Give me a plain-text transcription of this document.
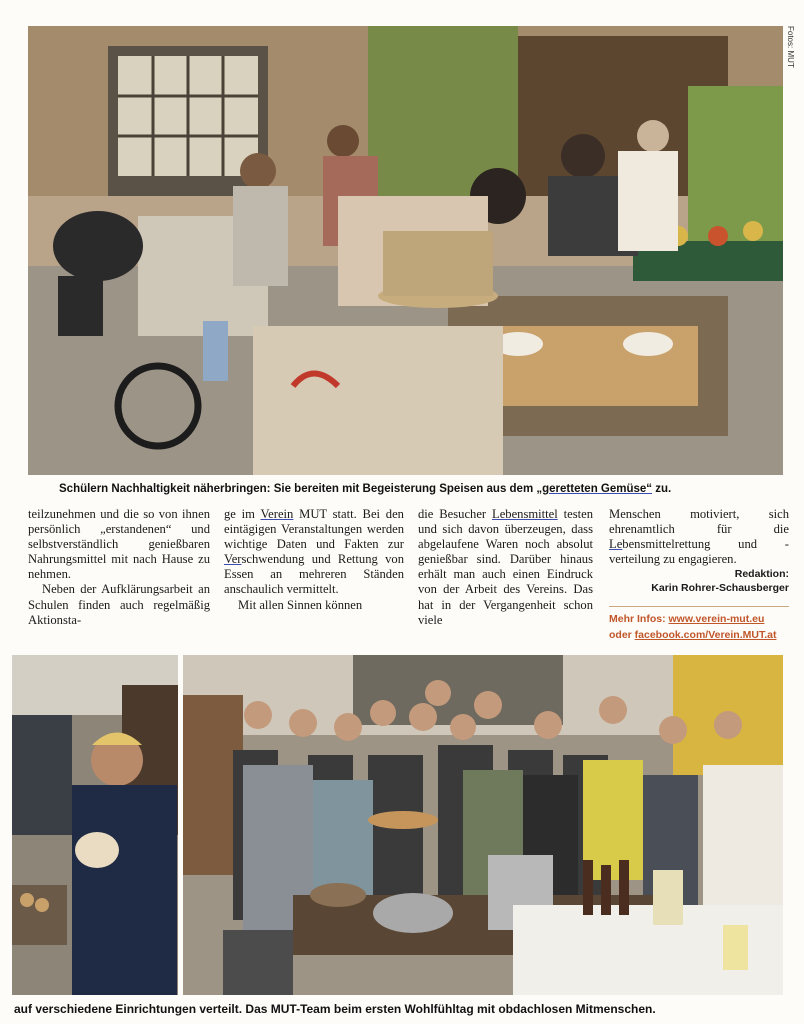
Fotos: MUT
Schülern Nachhaltigkeit näherbringen: Sie bereiten mit Begeisterung Speisen aus dem „geretteten Gemüse“ zu.

teilzunehmen und die so von ihnen persönlich „erstandenen“ und selbstverständlich genießbaren Nahrungsmittel mit nach Hause zu nehmen.

Neben der Aufklärungsarbeit an Schulen finden auch regelmäßig Aktionsta-

ge im Verein MUT statt. Bei den eintägigen Veranstaltungen werden wichtige Daten und Fakten zur Verschwendung und Rettung von Essen an mehreren Ständen anschaulich vermittelt.

Mit allen Sinnen können

die Besucher Lebensmittel testen und sich davon überzeugen, dass abgelaufene Waren noch absolut genießbar sind. Darüber hinaus erhält man auch einen Eindruck von der Arbeit des Vereins. Das hat in der Vergangenheit schon viele

Menschen motiviert, sich ehrenamtlich für die Lebensmittelrettung und -verteilung zu engagieren.

Redaktion:
Karin Rohrer-Schausberger
Mehr Infos: www.verein-mut.eu
oder facebook.com/Verein.MUT.at
auf verschiedene Einrichtungen verteilt. Das MUT-Team beim ersten Wohlfühltag mit obdachlosen Mitmenschen.
